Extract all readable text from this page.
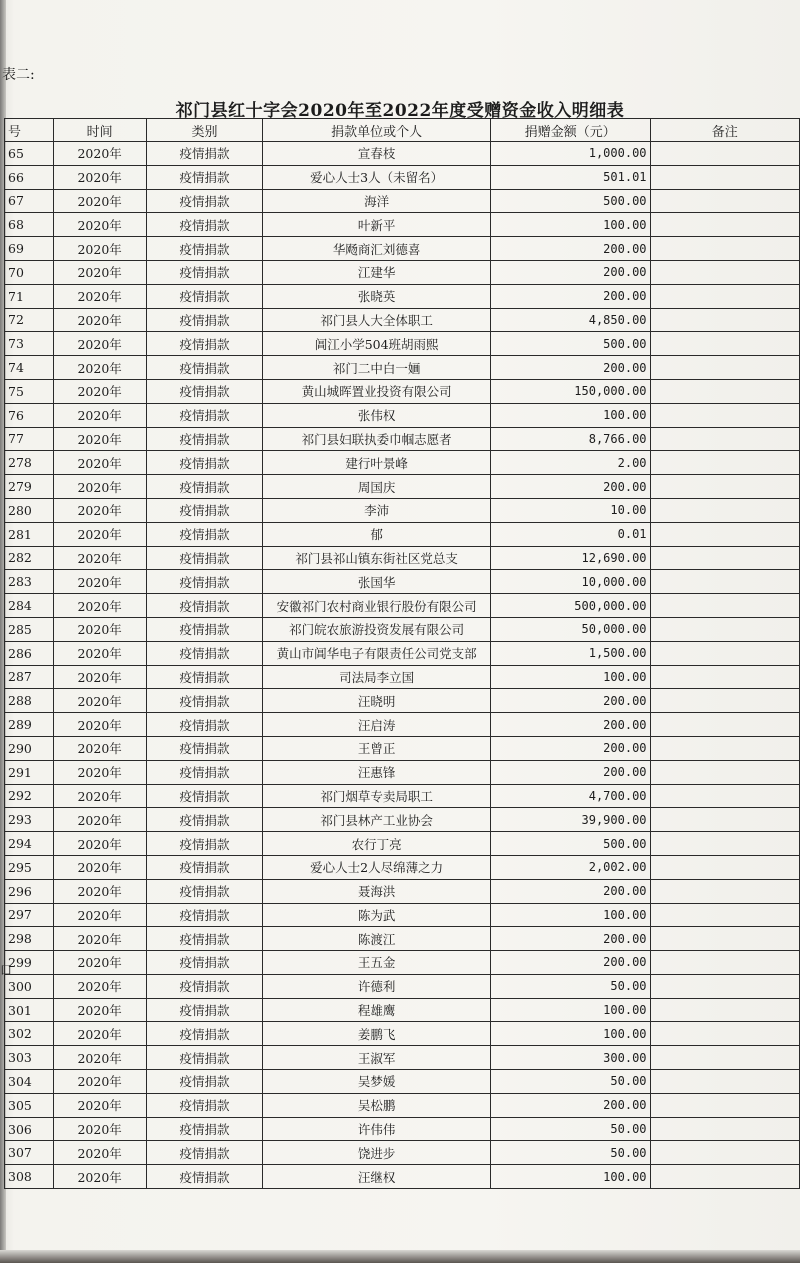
表二:
祁门县红十字会2020年至2022年度受赠资金收入明细表
口
号	时间	类别	捐款单位或个人	捐赠金额（元）	备注
65	2020年	疫情捐款	宣春枝	1,000.00	
66	2020年	疫情捐款	爱心人士3人（未留名）	501.01	
67	2020年	疫情捐款	海洋	500.00	
68	2020年	疫情捐款	叶新平	100.00	
69	2020年	疫情捐款	华飏商汇刘德喜	200.00	
70	2020年	疫情捐款	江建华	200.00	
71	2020年	疫情捐款	张晓英	200.00	
72	2020年	疫情捐款	祁门县人大全体职工	4,850.00	
73	2020年	疫情捐款	阊江小学504班胡雨熙	500.00	
74	2020年	疫情捐款	祁门二中白一婳	200.00	
75	2020年	疫情捐款	黄山城晖置业投资有限公司	150,000.00	
76	2020年	疫情捐款	张伟权	100.00	
77	2020年	疫情捐款	祁门县妇联执委巾帼志愿者	8,766.00	
278	2020年	疫情捐款	建行叶景峰	2.00	
279	2020年	疫情捐款	周国庆	200.00	
280	2020年	疫情捐款	李沛	10.00	
281	2020年	疫情捐款	郁	0.01	
282	2020年	疫情捐款	祁门县祁山镇东街社区党总支	12,690.00	
283	2020年	疫情捐款	张国华	10,000.00	
284	2020年	疫情捐款	安徽祁门农村商业银行股份有限公司	500,000.00	
285	2020年	疫情捐款	祁门皖农旅游投资发展有限公司	50,000.00	
286	2020年	疫情捐款	黄山市阊华电子有限责任公司党支部	1,500.00	
287	2020年	疫情捐款	司法局李立国	100.00	
288	2020年	疫情捐款	汪晓明	200.00	
289	2020年	疫情捐款	汪启涛	200.00	
290	2020年	疫情捐款	王曾正	200.00	
291	2020年	疫情捐款	汪惠锋	200.00	
292	2020年	疫情捐款	祁门烟草专卖局职工	4,700.00	
293	2020年	疫情捐款	祁门县林产工业协会	39,900.00	
294	2020年	疫情捐款	农行丁亮	500.00	
295	2020年	疫情捐款	爱心人士2人尽绵薄之力	2,002.00	
296	2020年	疫情捐款	聂海洪	200.00	
297	2020年	疫情捐款	陈为武	100.00	
298	2020年	疫情捐款	陈渡江	200.00	
299	2020年	疫情捐款	王五金	200.00	
300	2020年	疫情捐款	许德利	50.00	
301	2020年	疫情捐款	程雄鹰	100.00	
302	2020年	疫情捐款	姜鹏飞	100.00	
303	2020年	疫情捐款	王淑军	300.00	
304	2020年	疫情捐款	吴梦媛	50.00	
305	2020年	疫情捐款	吴松鹏	200.00	
306	2020年	疫情捐款	许伟伟	50.00	
307	2020年	疫情捐款	饶进步	50.00	
308	2020年	疫情捐款	汪继权	100.00	
